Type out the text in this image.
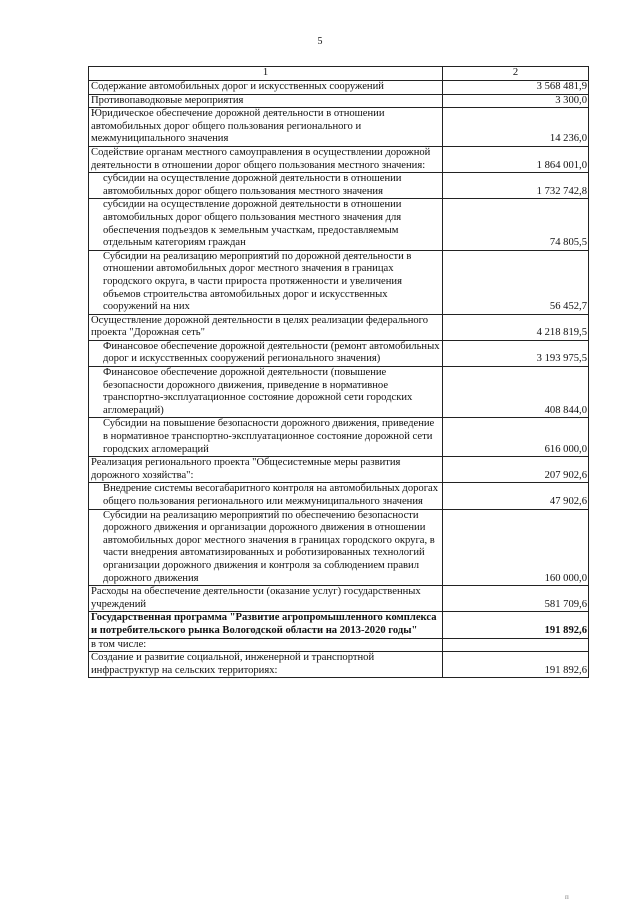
5
1	2
Содержание автомобильных дорог и искусственных сооружений	3 568 481,9
Противопаводковые мероприятия	3 300,0
Юридическое обеспечение дорожной деятельности в отношении автомобильных дорог общего пользования регионального и межмуниципального значения	14 236,0
Содействие органам местного самоуправления в осуществлении дорожной деятельности в отношении дорог общего пользования местного значения:	1 864 001,0
субсидии на осуществление дорожной деятельности в отношении автомобильных дорог общего пользования местного значения	1 732 742,8
субсидии на осуществление дорожной деятельности в отношении автомобильных дорог общего пользования местного значения для обеспечения подъездов к земельным участкам, предоставляемым отдельным категориям граждан	74 805,5
Субсидии на реализацию мероприятий по дорожной деятельности в отношении автомобильных дорог местного значения в границах городского округа, в части прироста протяженности и увеличения объемов строительства автомобильных дорог и искусственных сооружений на них	56 452,7
Осуществление дорожной деятельности в целях реализации федерального проекта "Дорожная сеть"	4 218 819,5
Финансовое обеспечение дорожной деятельности (ремонт автомобильных дорог и искусственных сооружений регионального значения)	3 193 975,5
Финансовое обеспечение дорожной деятельности (повышение безопасности дорожного движения, приведение в нормативное транспортно-эксплуатационное состояние дорожной сети городских агломераций)	408 844,0
Субсидии на повышение безопасности дорожного движения, приведение в нормативное транспортно-эксплуатационное состояние дорожной сети городских агломераций	616 000,0
Реализация регионального проекта "Общесистемные меры развития дорожного хозяйства":	207 902,6
Внедрение системы весогабаритного контроля на автомобильных дорогах общего пользования регионального или межмуниципального значения	47 902,6
Субсидии на реализацию мероприятий по обеспечению безопасности дорожного движения и организации дорожного движения в отношении автомобильных дорог местного значения в границах городского округа, в части внедрения автоматизированных и роботизированных технологий организации дорожного движения и контроля за соблюдением правил дорожного движения	160 000,0
Расходы на обеспечение деятельности (оказание услуг) государственных учреждений	581 709,6
Государственная программа "Развитие агропромышленного комплекса и потребительского рынка Вологодской области на 2013-2020 годы"	191 892,6
в том числе:	
Создание и развитие социальной, инженерной и транспортной инфраструктур на сельских территориях:	191 892,6
п
